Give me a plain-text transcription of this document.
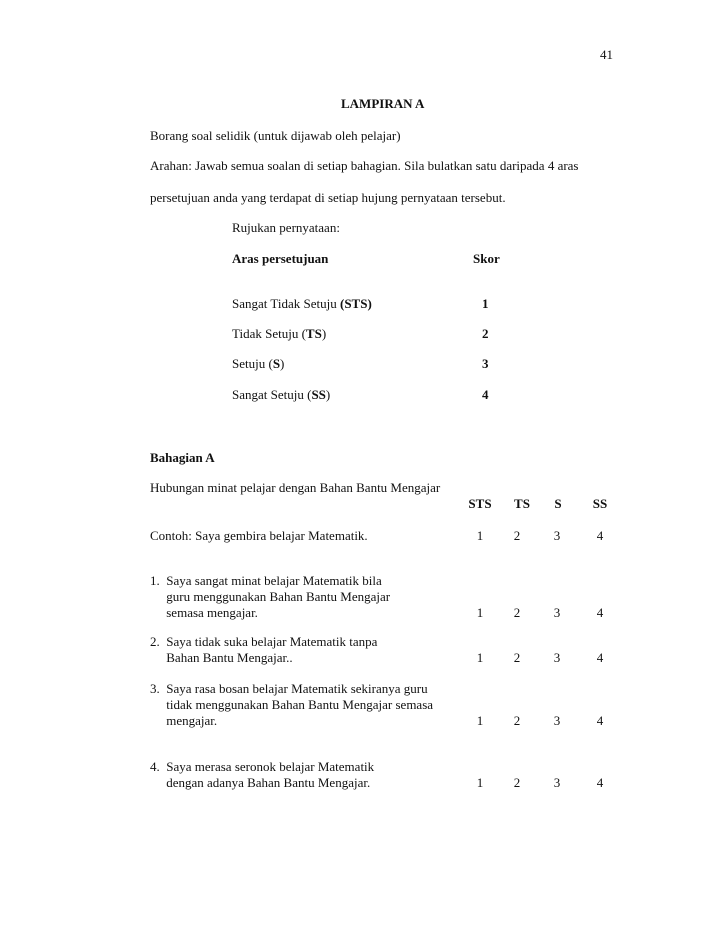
41
LAMPIRAN A
Borang soal selidik (untuk dijawab oleh pelajar)
Arahan: Jawab semua soalan di setiap bahagian. Sila bulatkan satu daripada 4 aras
persetujuan anda yang terdapat di setiap hujung pernyataan tersebut.
Rujukan pernyataan:
Aras persetujuan	Skor
Sangat Tidak Setuju (STS)	1
Tidak Setuju (TS)	2
Setuju (S)	3
Sangat Setuju (SS)	4
Bahagian A
Hubungan minat pelajar dengan Bahan Bantu Mengajar
STS	TS	S	SS
Contoh: Saya gembira belajar Matematik.	1	2	3	4
1.  Saya sangat minat belajar Matematik bila
guru menggunakan Bahan Bantu Mengajar
semasa mengajar.	1	2	3	4
2.  Saya tidak suka belajar Matematik tanpa
Bahan Bantu Mengajar..	1	2	3	4
3.  Saya rasa bosan belajar Matematik sekiranya guru
tidak menggunakan Bahan Bantu Mengajar semasa
mengajar.	1	2	3	4
4.  Saya merasa seronok belajar Matematik
dengan adanya Bahan Bantu Mengajar.	1	2	3	4
